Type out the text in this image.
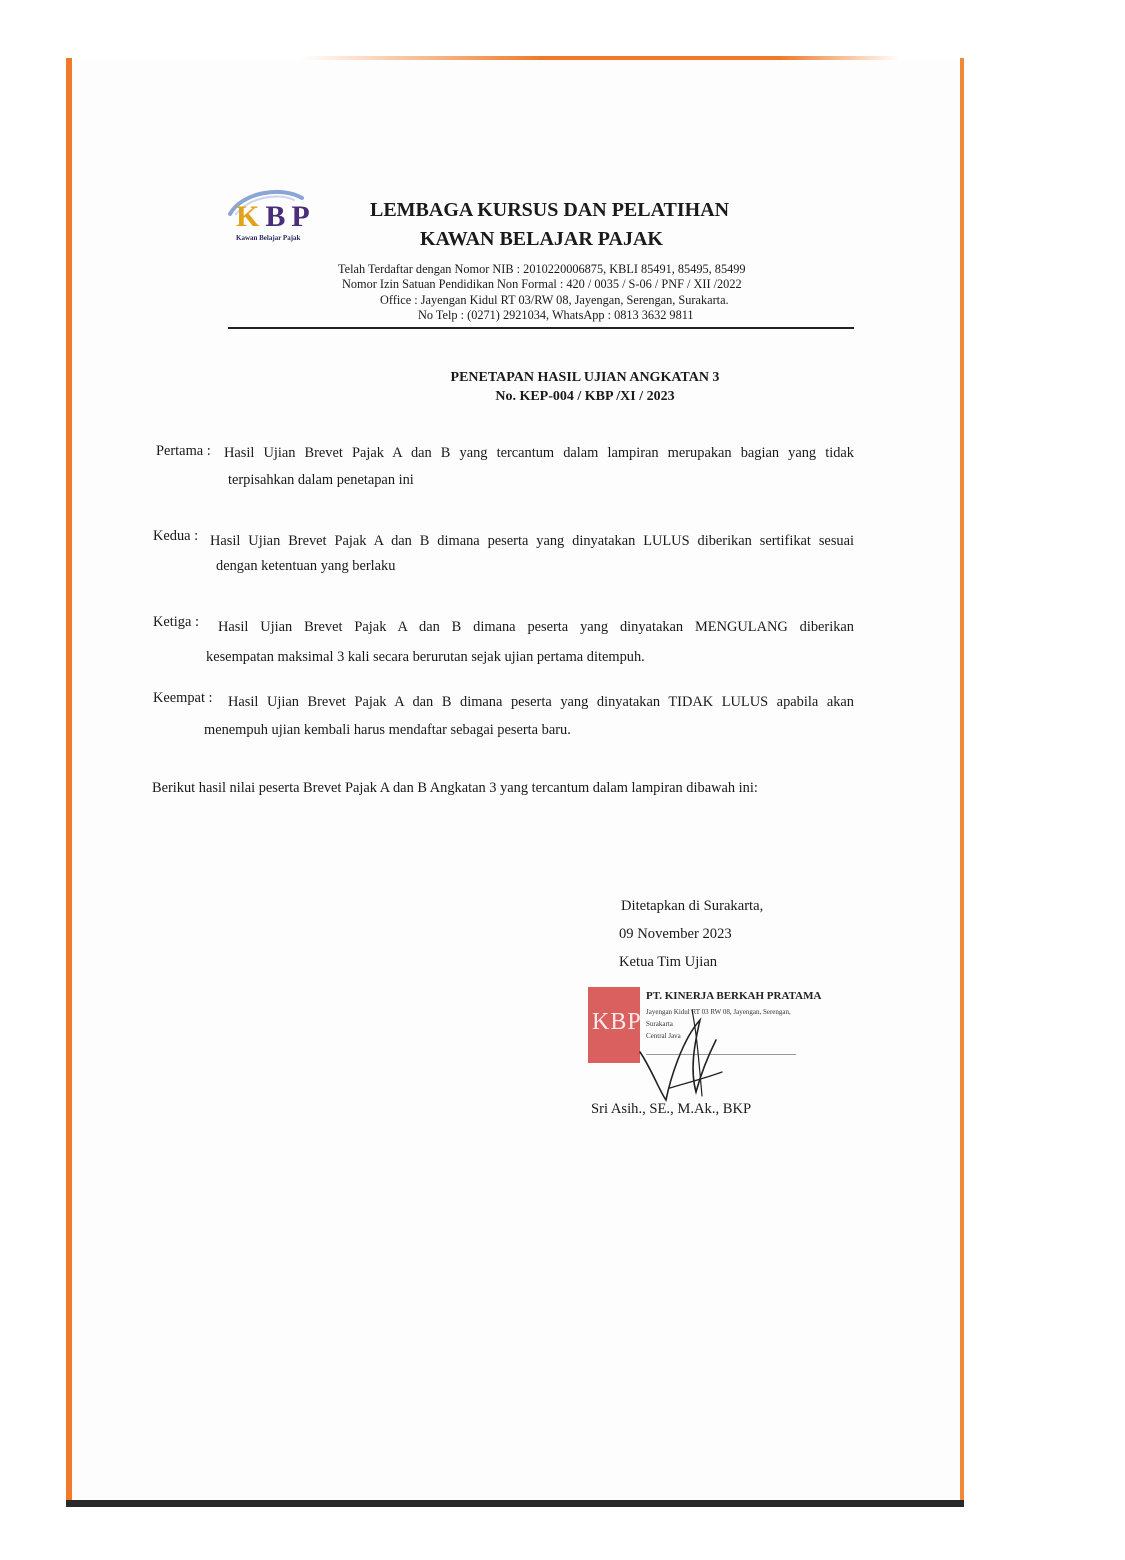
KBP
Kawan Belajar Pajak
LEMBAGA KURSUS DAN PELATIHAN
KAWAN BELAJAR PAJAK
Telah Terdaftar dengan Nomor NIB : 2010220006875, KBLI 85491, 85495, 85499
Nomor Izin Satuan Pendidikan Non Formal : 420 / 0035 / S-06 / PNF / XII /2022
Office : Jayengan Kidul RT 03/RW 08, Jayengan, Serengan, Surakarta.
No Telp : (0271) 2921034, WhatsApp : 0813 3632 9811
PENETAPAN HASIL UJIAN ANGKATAN 3
No. KEP-004 / KBP /XI / 2023
Pertama : Hasil Ujian Brevet Pajak A dan B yang tercantum dalam lampiran merupakan bagian yang tidak
terpisahkan dalam penetapan ini
Kedua : Hasil Ujian Brevet Pajak A dan B dimana peserta yang dinyatakan LULUS diberikan sertifikat sesuai
dengan ketentuan yang berlaku
Ketiga : Hasil Ujian Brevet Pajak A dan B dimana peserta yang dinyatakan MENGULANG diberikan
kesempatan maksimal 3 kali secara berurutan sejak ujian pertama ditempuh.
Keempat : Hasil Ujian Brevet Pajak A dan B dimana peserta yang dinyatakan TIDAK LULUS apabila akan
menempuh ujian kembali harus mendaftar sebagai peserta baru.
Berikut hasil nilai peserta Brevet Pajak A dan B Angkatan 3 yang tercantum dalam lampiran dibawah ini:
Ditetapkan di Surakarta,
09 November 2023
Ketua Tim Ujian
KBP
PT. KINERJA BERKAH PRATAMA
Jayengan Kidul RT 03 RW 08, Jayengan, Serengan,
Surakarta
Central Java
Sri Asih., SE., M.Ak., BKP
